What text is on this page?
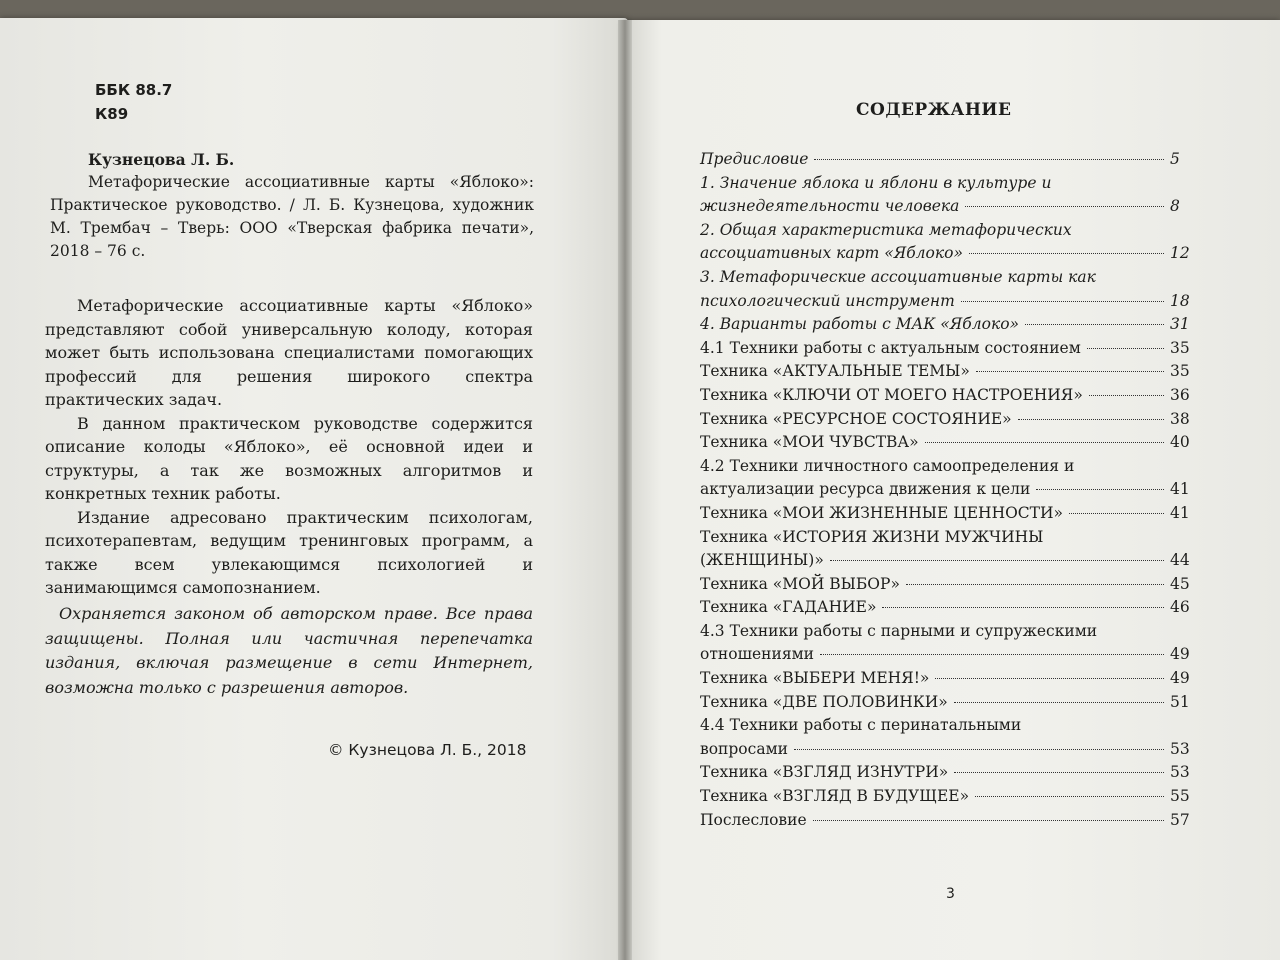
ББК 88.7
К89
Кузнецова Л. Б.
Метафорические ассоциативные карты «Яблоко»: Практическое руководство. / Л. Б. Кузнецова, художник М. Трембач – Тверь: ООО «Тверская фабрика печати», 2018 – 76 с.

Метафорические ассоциативные карты «Яблоко» представляют собой универсальную колоду, которая может быть использована специалистами помогающих профессий для решения широкого спектра практических задач.

В данном практическом руководстве содержится описание колоды «Яблоко», её основной идеи и структуры, а так же возможных алгоритмов и конкретных техник работы.

Издание адресовано практическим психологам, психотерапевтам, ведущим тренинговых программ, а также всем увлекающимся психологией и занимающимся самопознанием.

Охраняется законом об авторском праве. Все права защищены. Полная или частичная перепечатка издания, включая размещение в сети Интернет, возможна только с разрешения авторов.

© Кузнецова Л. Б., 2018
СОДЕРЖАНИЕ
Предисловие	5
1. Значение яблока и яблони в культуре и
жизнедеятельности человека	8
2. Общая характеристика метафорических
ассоциативных карт «Яблоко»	12
3. Метафорические ассоциативные карты как
психологический инструмент	18
4. Варианты работы с МАК «Яблоко»	31
4.1 Техники работы с актуальным состоянием	35
Техника «АКТУАЛЬНЫЕ ТЕМЫ»	35
Техника «КЛЮЧИ ОТ МОЕГО НАСТРОЕНИЯ»	36
Техника «РЕСУРСНОЕ СОСТОЯНИЕ»	38
Техника «МОИ ЧУВСТВА»	40
4.2 Техники личностного самоопределения и
актуализации ресурса движения к цели	41
Техника «МОИ ЖИЗНЕННЫЕ ЦЕННОСТИ»	41
Техника «ИСТОРИЯ ЖИЗНИ МУЖЧИНЫ
(ЖЕНЩИНЫ)»	44
Техника «МОЙ ВЫБОР»	45
Техника «ГАДАНИЕ»	46
4.3 Техники работы с парными и супружескими
отношениями	49
Техника «ВЫБЕРИ МЕНЯ!»	49
Техника «ДВЕ ПОЛОВИНКИ»	51
4.4 Техники работы с перинатальными
вопросами	53
Техника «ВЗГЛЯД ИЗНУТРИ»	53
Техника «ВЗГЛЯД В БУДУЩЕЕ»	55
Послесловие	57
3
